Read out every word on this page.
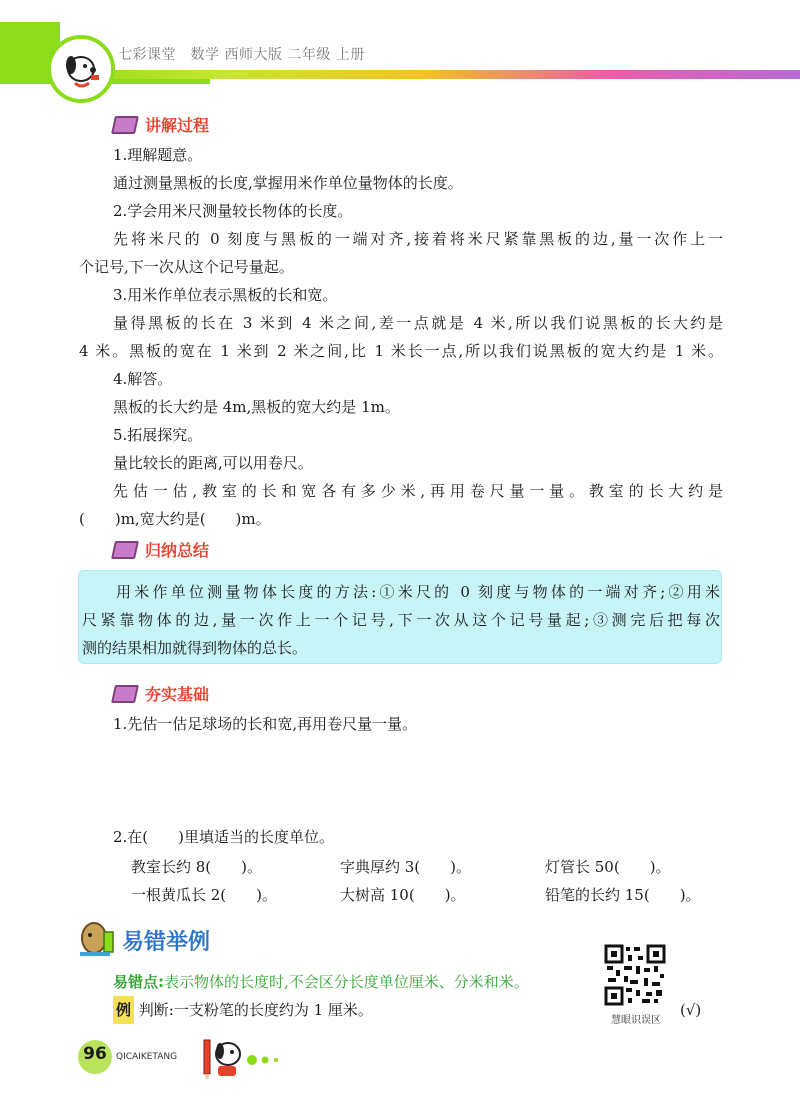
七彩课堂　数学 西师大版 二年级 上册
讲解过程
1.理解题意。
通过测量黑板的长度,掌握用米作单位量物体的长度。
2.学会用米尺测量较长物体的长度。
先将米尺的 0 刻度与黑板的一端对齐,接着将米尺紧靠黑板的边,量一次作上一
个记号,下一次从这个记号量起。
3.用米作单位表示黑板的长和宽。
量得黑板的长在 3 米到 4 米之间,差一点就是 4 米,所以我们说黑板的长大约是
4 米。黑板的宽在 1 米到 2 米之间,比 1 米长一点,所以我们说黑板的宽大约是 1 米。
4.解答。
黑板的长大约是 4m,黑板的宽大约是 1m。
5.拓展探究。
量比较长的距离,可以用卷尺。
先估一估,教室的长和宽各有多少米,再用卷尺量一量。教室的长大约是
(　　)m,宽大约是(　　)m。
归纳总结
用米作单位测量物体长度的方法:①米尺的 0 刻度与物体的一端对齐;②用米
尺紧靠物体的边,量一次作上一个记号,下一次从这个记号量起;③测完后把每次
测的结果相加就得到物体的总长。
夯实基础
1.先估一估足球场的长和宽,再用卷尺量一量。
2.在(　　)里填适当的长度单位。
教室长约 8(　　)。	字典厚约 3(　　)。	灯管长 50(　　)。
一根黄瓜长 2(　　)。	大树高 10(　　)。	铅笔的长约 15(　　)。
易错举例
易错点:表示物体的长度时,不会区分长度单位厘米、分米和米。
例 判断:一支粉笔的长度约为 1 厘米。	(√)
慧眼识误区
96	QICAIKETANG
